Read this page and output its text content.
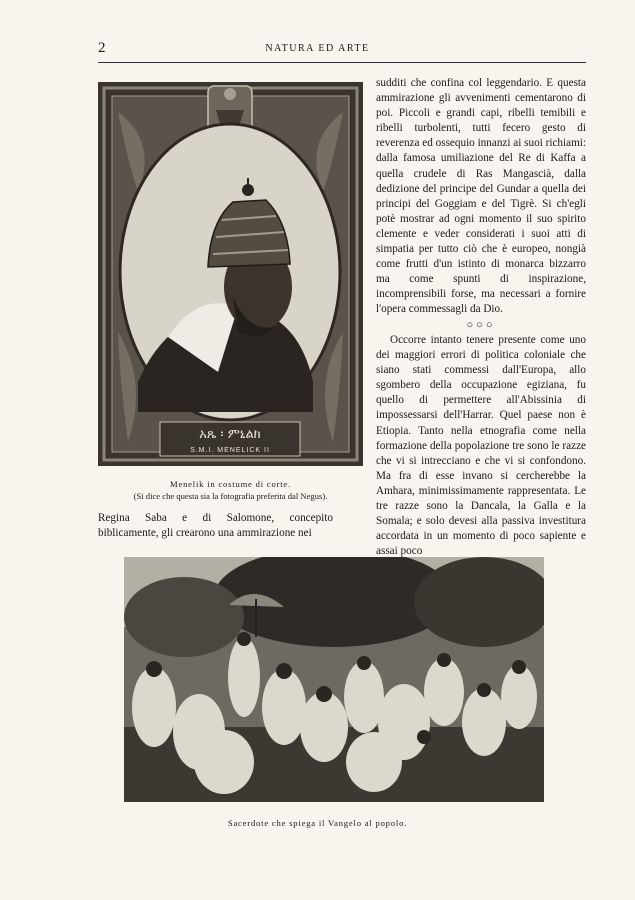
2	NATURA ED ARTE
አጼ ፡ ምኒልክ
S.M.I. MENELICK II
Menelik in costume di corte.
(Si dice che questa sia la fotografia preferita dal Negus).

sudditi che confina col leggendario. E questa ammirazione gli avvenimenti cementarono di poi. Piccoli e grandi capi, ribelli temibili e ribelli turbolenti, tutti fecero gesto di reverenza ed ossequio innanzi ai suoi richiami: dalla famosa umiliazione del Re di Kaffa a quella crudele di Ras Mangascià, dalla dedizione del principe del Gundar a quella dei principi del Goggiam e del Tigrè. Si ch'egli potè mostrar ad ogni momento il suo spirito clemente e veder considerati i suoi atti di simpatia per tutto ciò che è europeo, nongià come frutti d'un istinto di monarca bizzarro ma come spunti di inspirazione, incomprensibili forse, ma necessari a fornire l'opera commessagli da Dio.

○○○

Occorre intanto tenere presente come uno dei maggiori errori di politica coloniale che siano stati commessi dall'Europa, allo sgombero della occupazione egiziana, fu quello di permettere all'Abissinia di impossessarsi dell'Harrar. Quel paese non è Etiopia. Tanto nella etnografia come nella formazione della popolazione tre sono le razze che vi si intrecciano e che vi si confondono. Ma fra di esse invano si cercherebbe la Amhara, minimissimamente rappresentata. Le tre razze sono la Dancala, la Galla e la Somala; e solo devesi alla passiva investitura accordata in un momento di poco sapiente e assai poco

Regina Saba e di Salomone, concepito biblicamente, gli crearono una ammirazione nei

Sacerdote che spiega il Vangelo al popolo.
